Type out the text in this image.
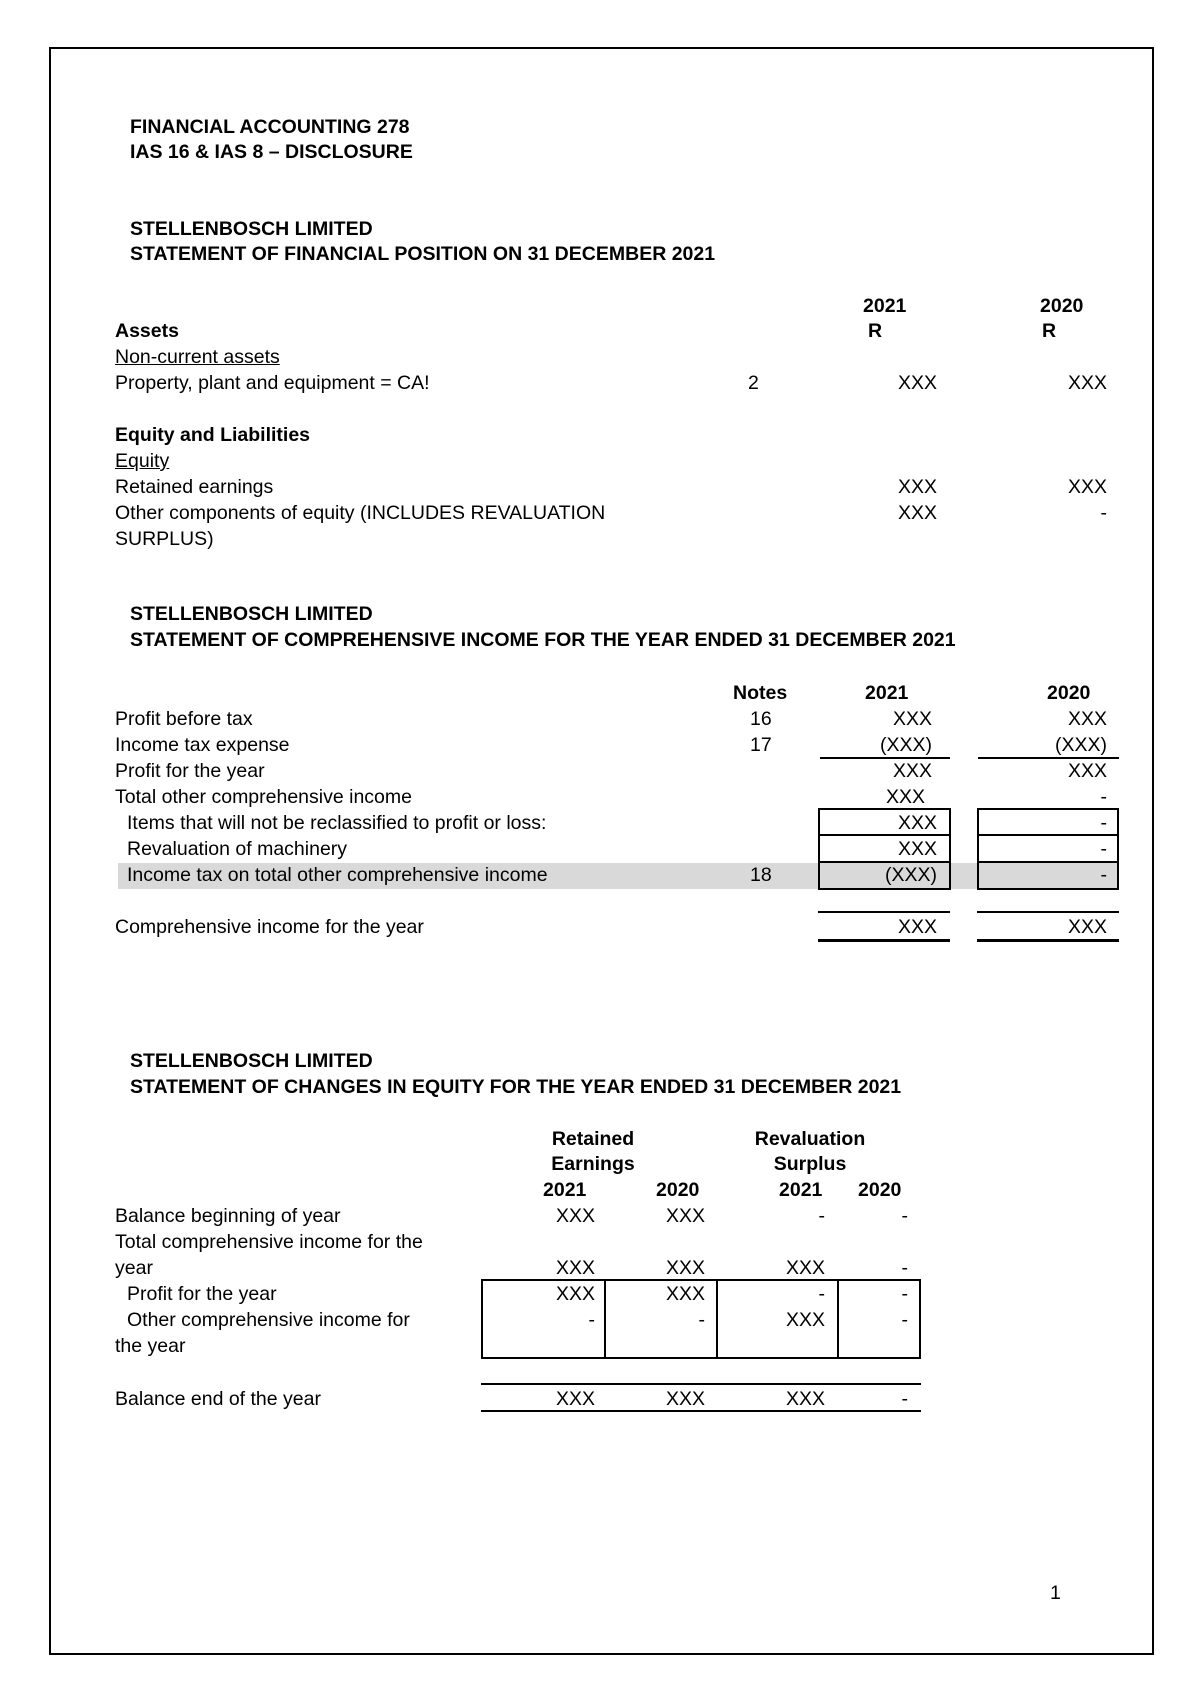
FINANCIAL ACCOUNTING 278
IAS 16 & IAS 8 – DISCLOSURE
STELLENBOSCH LIMITED
STATEMENT OF FINANCIAL POSITION ON 31 DECEMBER 2021
2021	2020
Assets	R	R
Non-current assets
Property, plant and equipment = CA!	2	XXX	XXX
Equity and Liabilities
Equity
Retained earnings	XXX	XXX
Other components of equity (INCLUDES REVALUATION
SURPLUS)
XXX	-
STELLENBOSCH LIMITED
STATEMENT OF COMPREHENSIVE INCOME FOR THE YEAR ENDED 31 DECEMBER 2021
Notes	2021	2020
Profit before tax	16	XXX	XXX
Income tax expense	17	(XXX)	(XXX)
Profit for the year	XXX	XXX
Total other comprehensive income	XXX	-
Items that will not be reclassified to profit or loss:	XXX	-
Revaluation of machinery	XXX	-
Income tax on total other comprehensive income	18	(XXX)	-
Comprehensive income for the year	XXX	XXX
STELLENBOSCH LIMITED
STATEMENT OF CHANGES IN EQUITY FOR THE YEAR ENDED 31 DECEMBER 2021
Retained
Earnings
Revaluation
Surplus
2021	2020	2021 2020
Balance beginning of year	XXX	XXX	-	-
Total comprehensive income for the
year	XXX	XXX	XXX	-
Profit for the year	XXX	XXX	-	-
Other comprehensive income for
the year
-	-	XXX	-
Balance end of the year	XXX	XXX	XXX	-
1
